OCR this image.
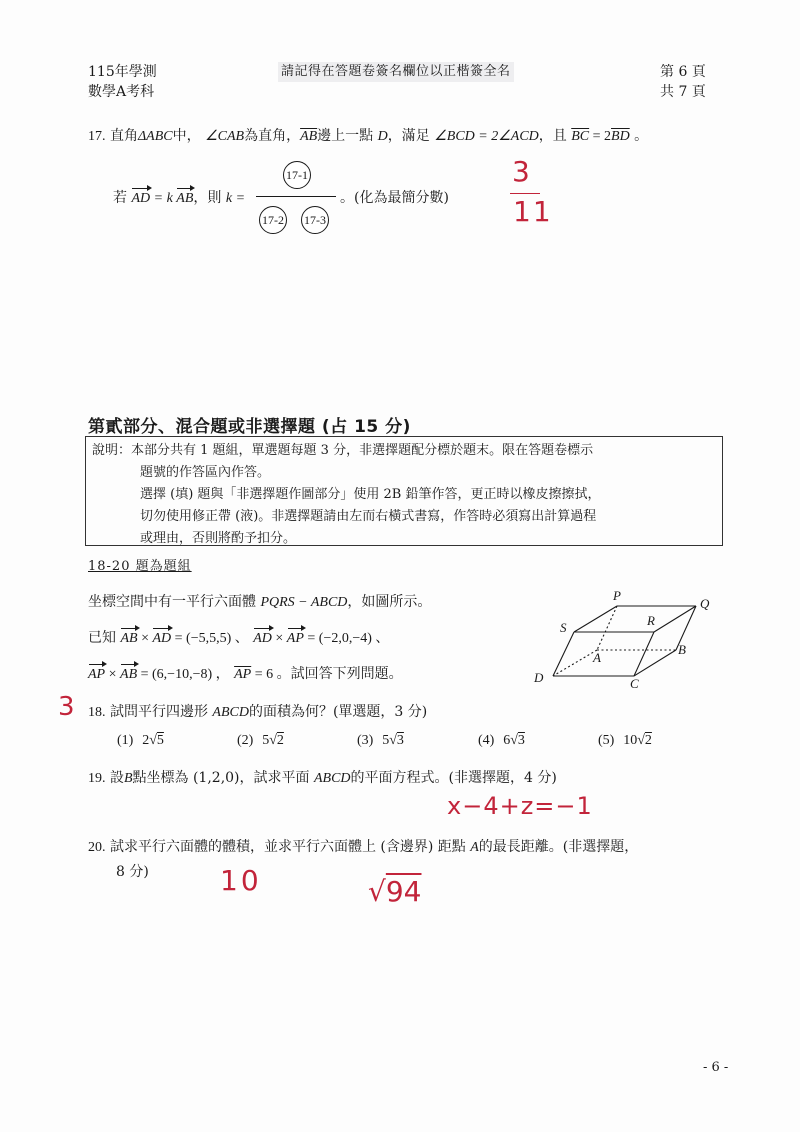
115年學測
數學A考科
請記得在答題卷簽名欄位以正楷簽全名	第 6 頁
共 7 頁
17. 直角ΔABC中， ∠CAB為直角，$\overline{AB}$邊上一點 D，滿足 ∠BCD = 2∠ACD，且 $\overline{BC} = 2\overline{BD}$ 。
若 AD = k AB，則 k =
17-1
17-2 17-3
。(化為最簡分數)
3
11
第貳部分、混合題或非選擇題 (占 15 分)
說明：本部分共有 1 題組，單選題每題 3 分，非選擇題配分標於題末。限在答題卷標示
題號的作答區內作答。
選擇 (填) 題與「非選擇題作圖部分」使用 2B 鉛筆作答，更正時以橡皮擦擦拭，
切勿使用修正帶 (液)。非選擇題請由左而右橫式書寫，作答時必須寫出計算過程
或理由，否則將酌予扣分。
18-20 題為題組
坐標空間中有一平行六面體 PQRS − ABCD，如圖所示。
已知 AB × AD = (−5,5,5) 、 AD × AP = (−2,0,−4) 、
AP × AB = (6,−10,−8) ， $\overline{AP} = 6$ 。試回答下列問題。
P
Q
R
S
A
B
C
D
3 18. 試問平行四邊形 ABCD的面積為何？(單選題，3 分)
(1) 2√5	(2) 5√2	(3) 5√3	(4) 6√3	(5) 10√2
19. 設B點坐標為 (1,2,0)，試求平面 ABCD的平面方程式。(非選擇題，4 分)
x−4+z=−1
20. 試求平行六面體的體積，並求平行六面體上 (含邊界) 距點 A的最長距離。(非選擇題，
8 分)	10	√94
- 6 -
